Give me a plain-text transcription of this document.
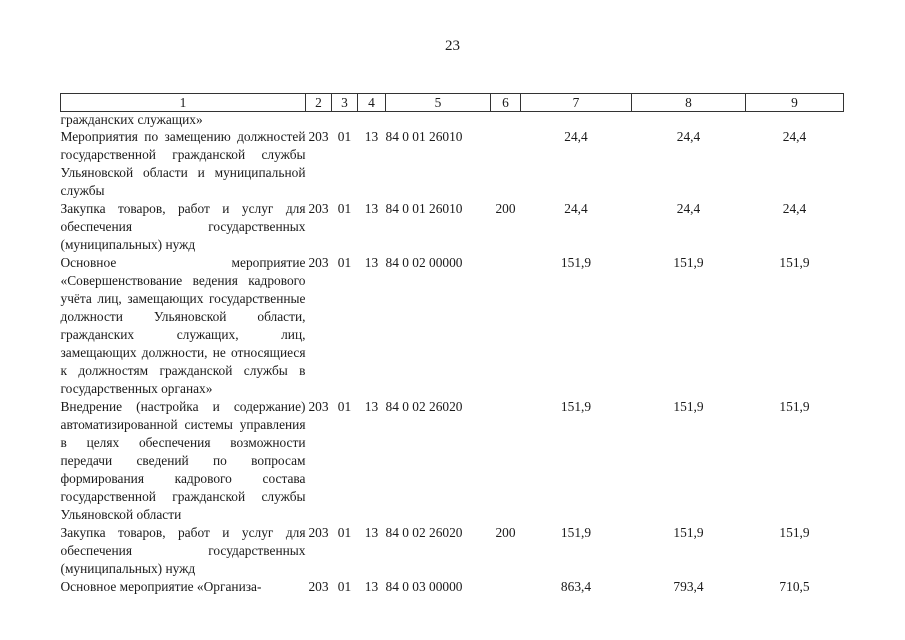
23
1	2	3	4	5	6	7	8	9
гражданских служащих»								
Мероприятия по замещению должностей государственной гражданской службы Ульяновской области и муниципальной службы	203	01	13	84 0 01 26010		24,4	24,4	24,4
Закупка товаров, работ и услуг для обеспечения государственных (муниципальных) нужд	203	01	13	84 0 01 26010	200	24,4	24,4	24,4
Основное мероприятие «Совершенствование ведения кадрового учёта лиц, замещающих государственные должности Ульяновской области, гражданских служащих, лиц, замещающих должности, не относящиеся к должностям гражданской службы в государственных органах»	203	01	13	84 0 02 00000		151,9	151,9	151,9
Внедрение (настройка и содержание) автоматизированной системы управления в целях обеспечения возможности передачи сведений по вопросам формирования кадрового состава государственной гражданской службы Ульяновской области	203	01	13	84 0 02 26020		151,9	151,9	151,9
Закупка товаров, работ и услуг для обеспечения государственных (муниципальных) нужд	203	01	13	84 0 02 26020	200	151,9	151,9	151,9
Основное мероприятие «Организа-	203	01	13	84 0 03 00000		863,4	793,4	710,5
